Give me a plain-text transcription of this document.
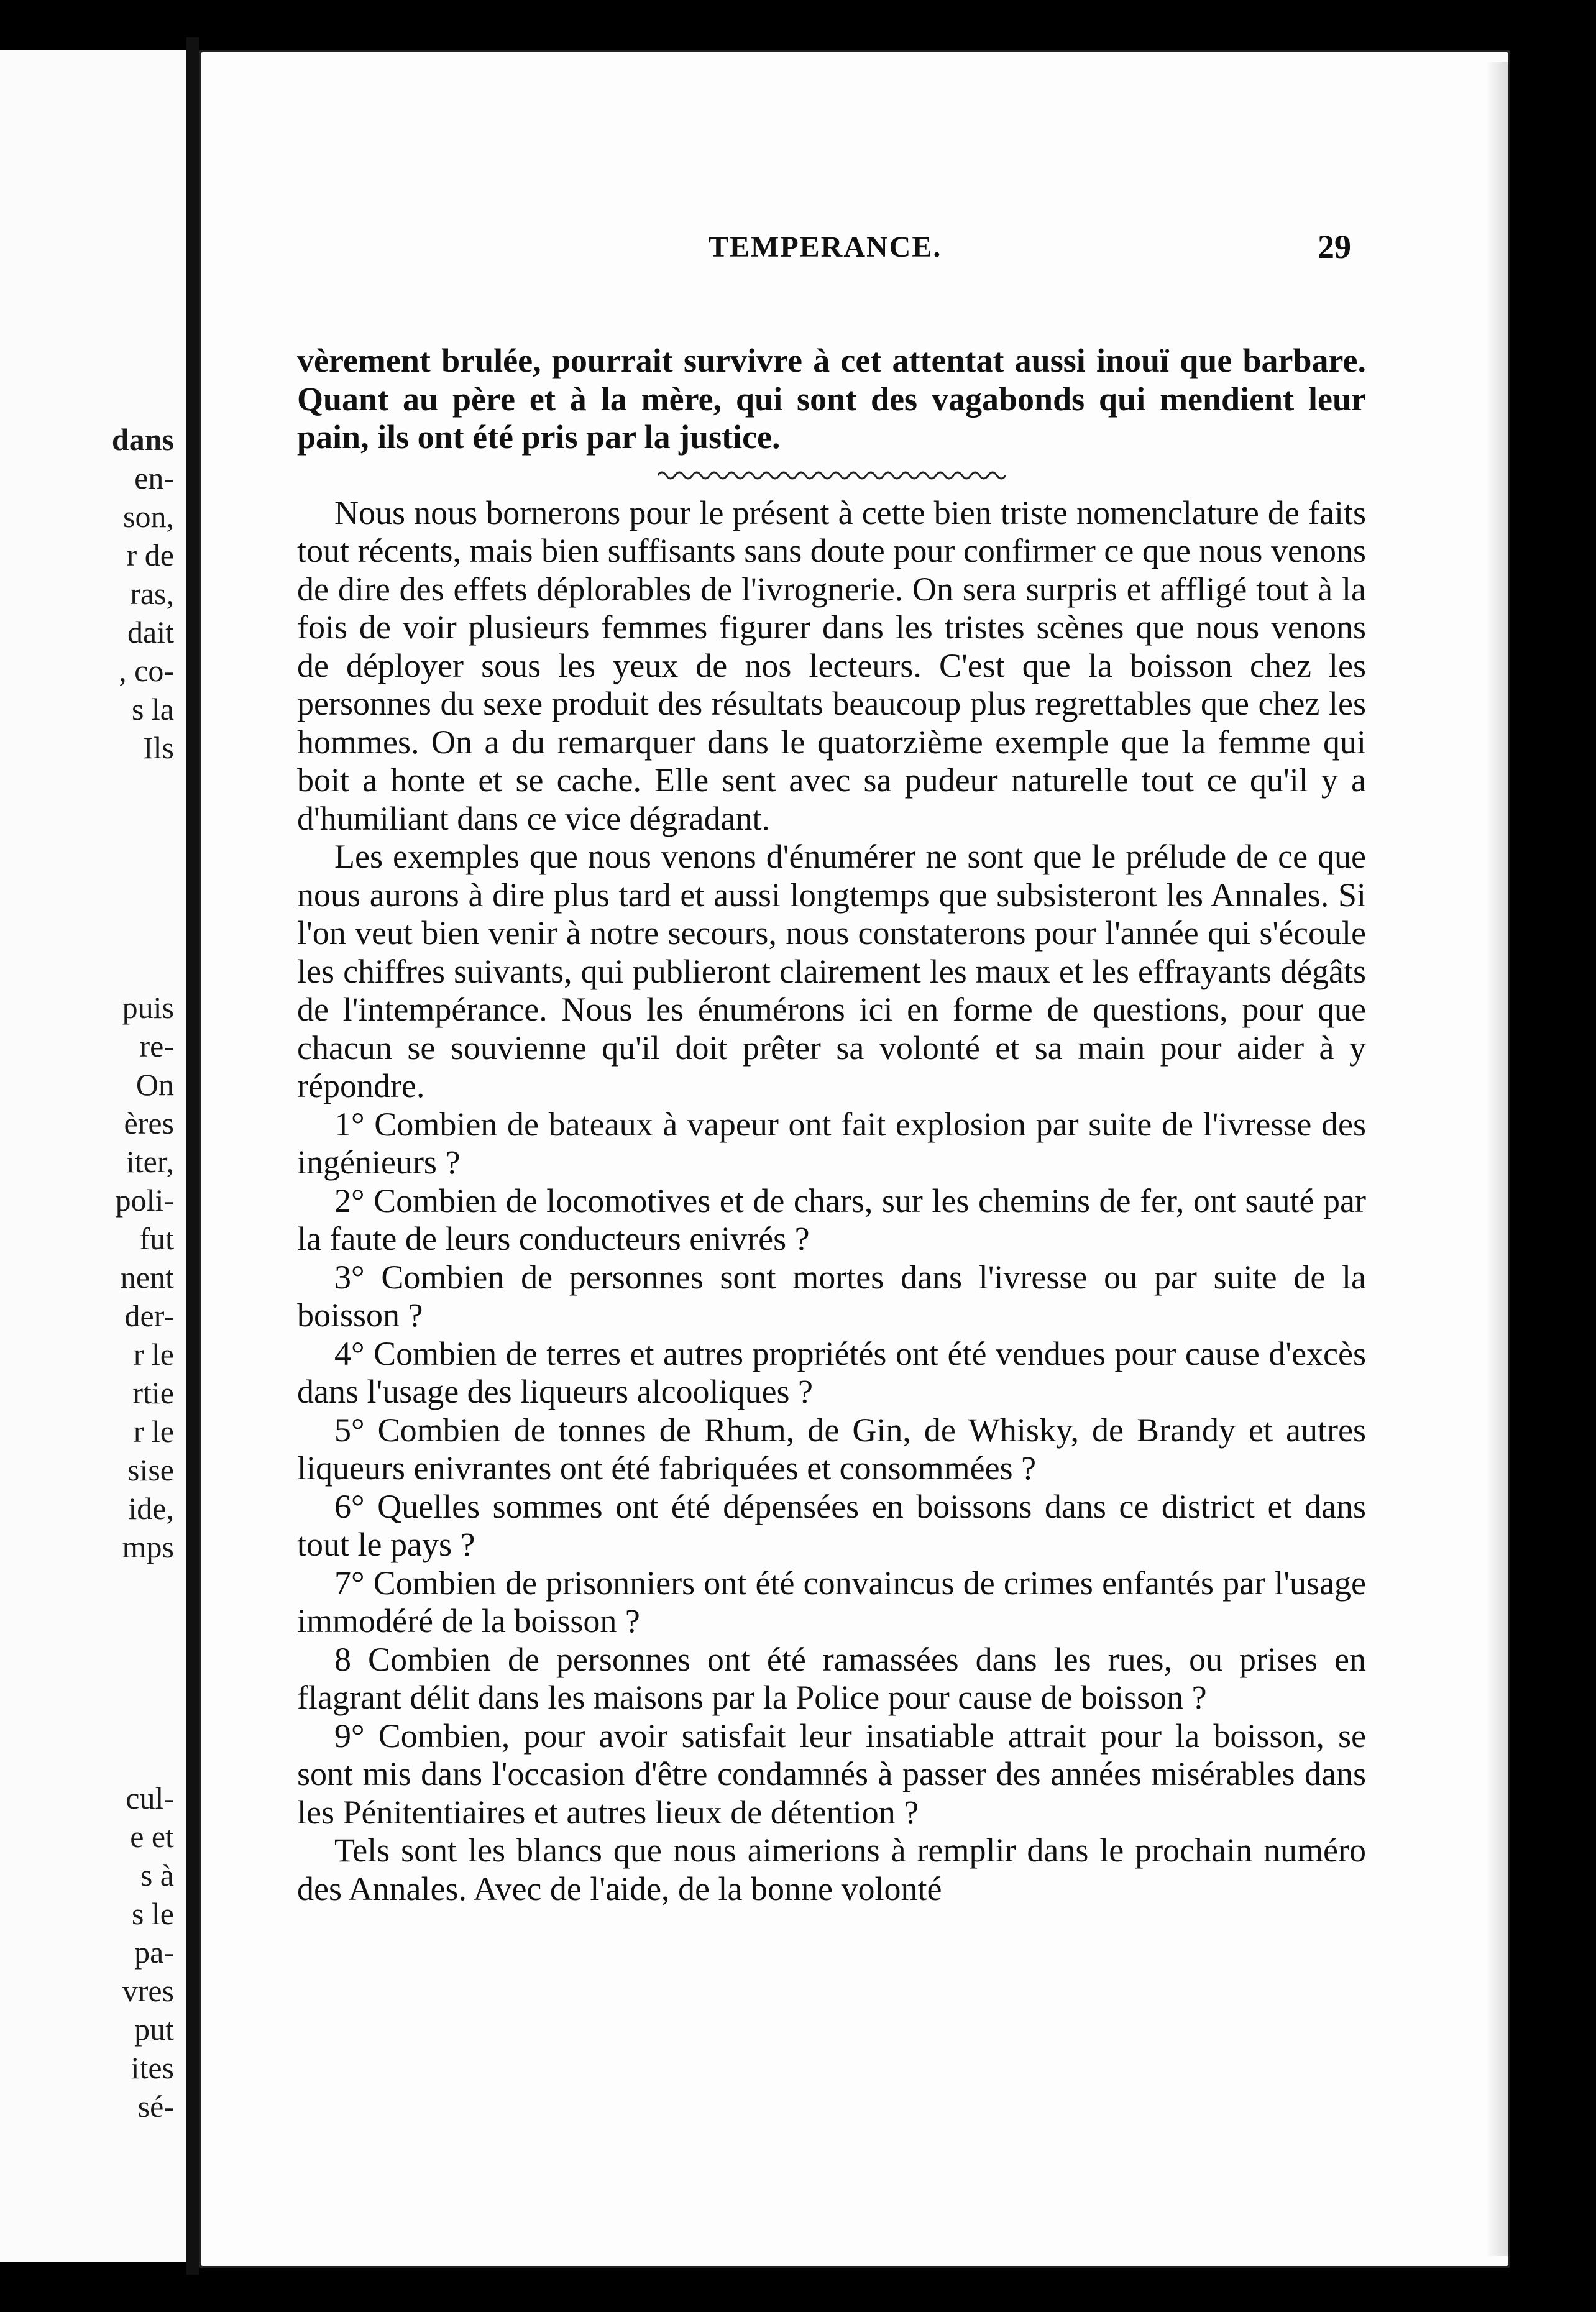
dans
en-
son,
r de
ras,
dait
, co-
s la
Ils
puis
re-
On
ères
iter,
poli-
fut
nent
der-
r le
rtie
r le
sise
ide,
mps
cul-
e et
s à
s le
pa-
vres
put
ites
sé-
TEMPERANCE.	29

vèrement brulée, pourrait survivre à cet attentat aussi inouï que barbare. Quant au père et à la mère, qui sont des vagabonds qui mendient leur pain, ils ont été pris par la justice.

Nous nous bornerons pour le présent à cette bien triste nomenclature de faits tout récents, mais bien suffisants sans doute pour confirmer ce que nous venons de dire des effets déplorables de l'ivrognerie. On sera surpris et affligé tout à la fois de voir plusieurs femmes figurer dans les tristes scènes que nous venons de déployer sous les yeux de nos lecteurs. C'est que la boisson chez les personnes du sexe produit des résultats beaucoup plus regrettables que chez les hommes. On a du remarquer dans le quatorzième exemple que la femme qui boit a honte et se cache. Elle sent avec sa pudeur naturelle tout ce qu'il y a d'humiliant dans ce vice dégradant.

Les exemples que nous venons d'énumérer ne sont que le prélude de ce que nous aurons à dire plus tard et aussi longtemps que subsisteront les Annales. Si l'on veut bien venir à notre secours, nous constaterons pour l'année qui s'écoule les chiffres suivants, qui publieront clairement les maux et les effrayants dégâts de l'intempérance. Nous les énumérons ici en forme de questions, pour que chacun se souvienne qu'il doit prêter sa volonté et sa main pour aider à y répondre.

1° Combien de bateaux à vapeur ont fait explosion par suite de l'ivresse des ingénieurs ?

2° Combien de locomotives et de chars, sur les chemins de fer, ont sauté par la faute de leurs conducteurs enivrés ?

3° Combien de personnes sont mortes dans l'ivresse ou par suite de la boisson ?

4° Combien de terres et autres propriétés ont été vendues pour cause d'excès dans l'usage des liqueurs alcooliques ?

5° Combien de tonnes de Rhum, de Gin, de Whisky, de Brandy et autres liqueurs enivrantes ont été fabriquées et consommées ?

6° Quelles sommes ont été dépensées en boissons dans ce district et dans tout le pays ?

7° Combien de prisonniers ont été convaincus de crimes enfantés par l'usage immodéré de la boisson ?

8 Combien de personnes ont été ramassées dans les rues, ou prises en flagrant délit dans les maisons par la Police pour cause de boisson ?

9° Combien, pour avoir satisfait leur insatiable attrait pour la boisson, se sont mis dans l'occasion d'être condamnés à passer des années misérables dans les Pénitentiaires et autres lieux de détention ?

Tels sont les blancs que nous aimerions à remplir dans le prochain numéro des Annales. Avec de l'aide, de la bonne volonté
